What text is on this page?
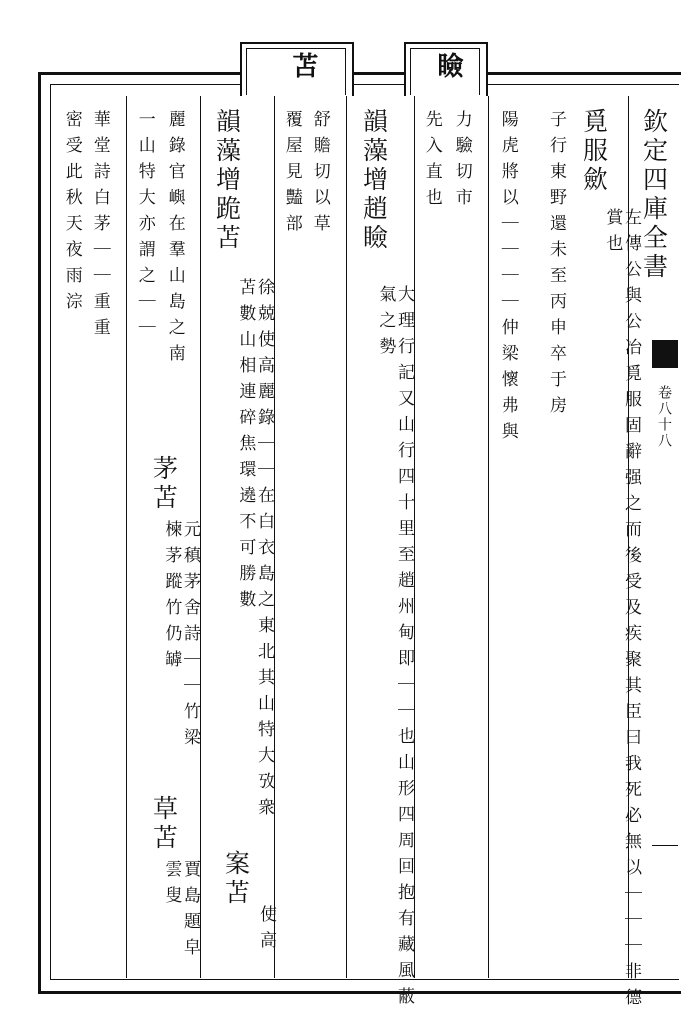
苫	瞼
欽定四庫全書
卷八十八
覓服歛
左傳公與公冶覓服固辭强之而後受及疾聚其臣曰我死必無以｜｜｜非德賞也
子行東野還未至丙申卒于房
陽虎將以｜｜｜｜仲梁懷弗與
力驗切市
先入直也
韻藻增趙瞼
大理行記又山行四十里至趙州甸即｜｜也山形四周回抱有藏風蔽氣之勢
舒贍切以草
覆屋見豔部
韻藻增跪苫
徐兢使高麗錄｜｜在白衣島之東北其山特大攷衆苫數山相連碎焦環遶不可勝數
案苫
使高
麗錄官嶼在羣山島之南
一山特大亦謂之｜｜
茅苫
元稹茅舍詩｜｜竹梁楝茅蹤竹仍罅
草苫
賈島題皁雲叟
華堂詩白茅｜｜重重
密受此秋天夜雨淙
